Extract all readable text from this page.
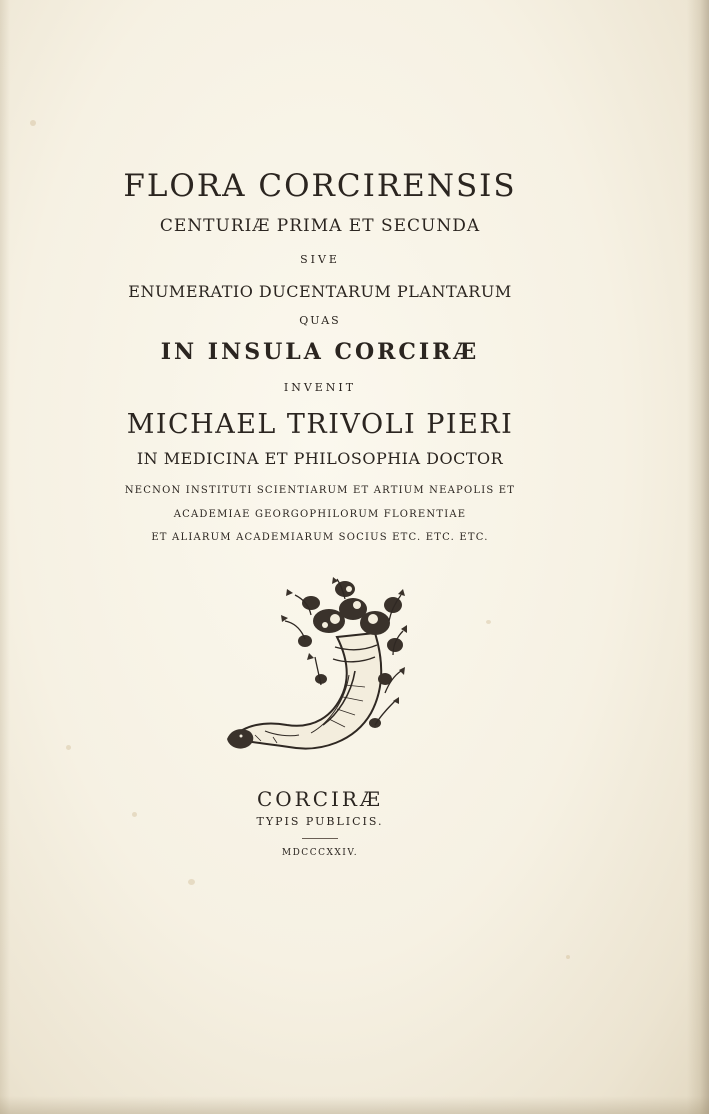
FLORA CORCIRENSIS
CENTURIÆ PRIMA ET SECUNDA
SIVE
ENUMERATIO DUCENTARUM PLANTARUM
QUAS
IN INSULA CORCIRÆ
INVENIT
MICHAEL TRIVOLI PIERI
IN MEDICINA ET PHILOSOPHIA DOCTOR
NECNON INSTITUTI SCIENTIARUM ET ARTIUM NEAPOLIS ET
ACADEMIAE GEORGOPHILORUM FLORENTIAE
ET ALIARUM ACADEMIARUM SOCIUS ETC. ETC. ETC.
CORCIRÆ
TYPIS PUBLICIS.
MDCCCXXIV.
